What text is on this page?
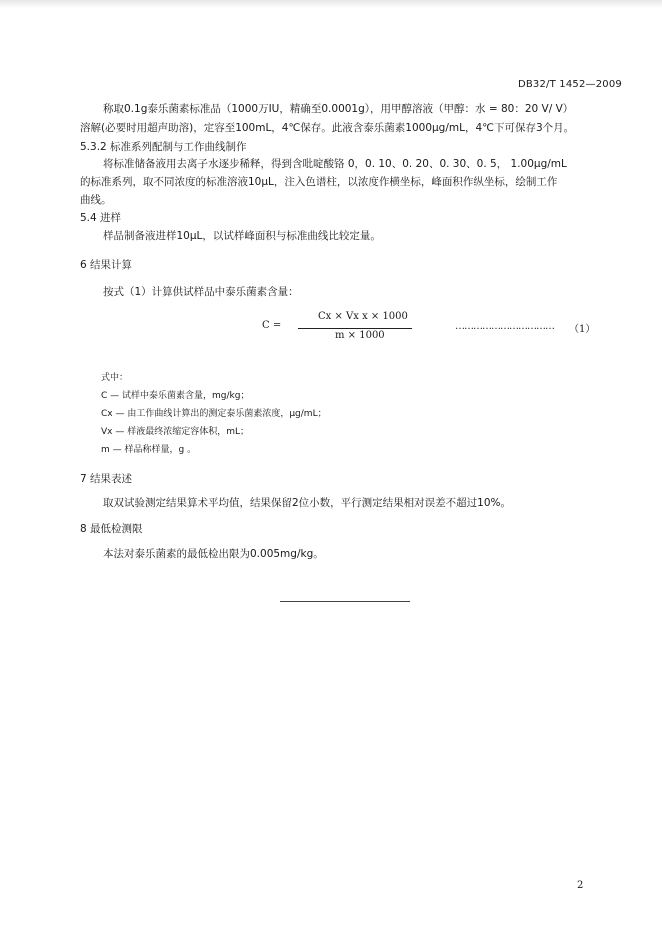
DB32/T 1452—2009
称取0.1g泰乐菌素标准品（1000万IU，精确至0.0001g），用甲醇溶液（甲醇：水 = 80：20 V/ V）
溶解(必要时用超声助溶)，定容至100mL，4℃保存。此液含泰乐菌素1000μg/mL，4℃下可保存3个月。
5.3.2 标准系列配制与工作曲线制作
将标准储备液用去离子水逐步稀释，得到含吡啶酸铬 0，0. 10、0. 20、0. 30、0. 5， 1.00μg/mL
的标准系列，取不同浓度的标准溶液10μL，注入色谱柱，以浓度作横坐标，峰面积作纵坐标，绘制工作
曲线。
5.4 进样
样品制备液进样10μL，以试样峰面积与标准曲线比较定量。
6 结果计算
按式（1）计算供试样品中泰乐菌素含量：
C =
Cx × Vx x × 1000
m × 1000
…………………………… （1）
式中：
C — 试样中泰乐菌素含量，mg/kg；
Cx — 由工作曲线计算出的测定泰乐菌素浓度，μg/mL；
Vx — 样液最终浓缩定容体积，mL；
m — 样品称样量，g 。
7 结果表述
取双试验测定结果算术平均值，结果保留2位小数，平行测定结果相对误差不超过10%。
8 最低检测限
本法对泰乐菌素的最低检出限为0.005mg/kg。
2
